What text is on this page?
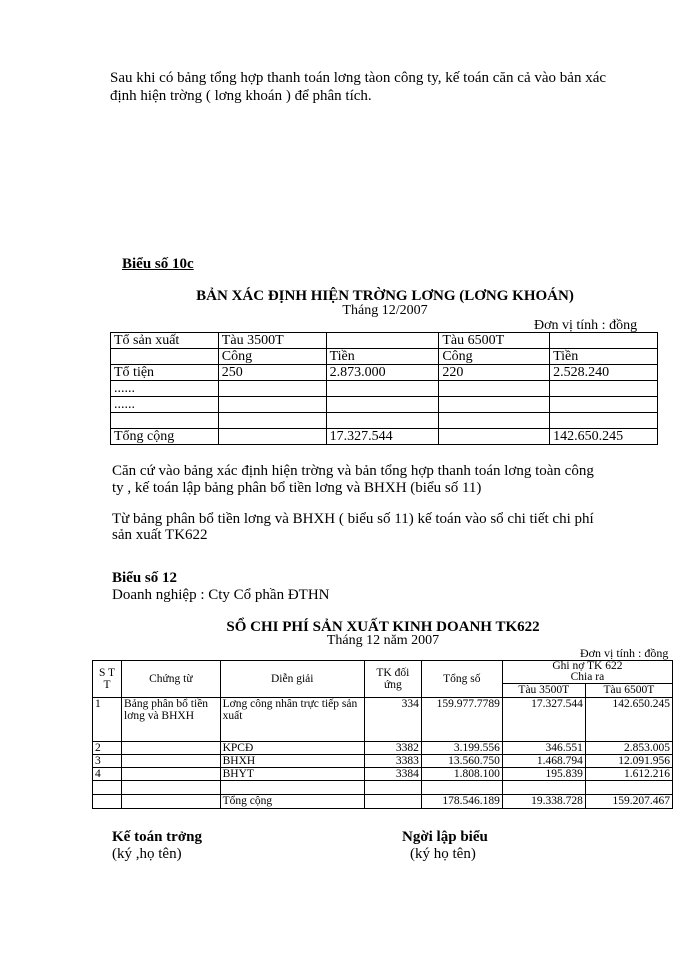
Sau khi có bảng tổng hợp thanh toán lơng tàon công ty, kế toán căn cả vào bản xác
định hiện trờng ( lơng khoán ) để phân tích.
Biểu số 10c
BẢN XÁC ĐỊNH HIỆN TRỜNG LƠNG (LƠNG KHOÁN)
Tháng 12/2007
Đơn vị tính : đồng
Tổ sản xuất	Tàu 3500T		Tàu 6500T	
	Công	Tiền	Công	Tiền
Tổ tiện	250	2.873.000	220	2.528.240
......				
......				

Tổng cộng		17.327.544		142.650.245
Căn cứ vào bảng xác định hiện trờng và bản tổng hợp thanh toán lơng toàn công
ty , kế toán lập bảng phân bổ tiền lơng và BHXH (biểu số 11)
Từ bảng phân bổ tiền lơng và BHXH ( biểu số 11) kế toán vào sổ chi tiết chi phí
sản xuất TK622
Biểu số 12
Doanh nghiệp : Cty Cổ phần ĐTHN
SỔ CHI PHÍ SẢN XUẤT KINH DOANH TK622
Tháng 12 năm 2007
Đơn vị tính : đồng
S T T	Chứng từ	Diễn giải	TK đối ứng	Tổng số	Ghi nợ TK 622
Chia ra	

					Tàu 3500T	Tàu 6500T
1	Bảng phân bổ tiền lơng và BHXH	Lơng công nhân trực tiếp sản xuất	334	159.977.7789	17.327.544	142.650.245
2		KPCĐ	3382	3.199.556	346.551	2.853.005
3		BHXH	3383	13.560.750	1.468.794	12.091.956
4		BHYT	3384	1.808.100	195.839	1.612.216

		Tổng cộng		178.546.189	19.338.728	159.207.467
Kế toán trởng
(ký ,họ tên)
Ngời lập biểu
(ký họ tên)
